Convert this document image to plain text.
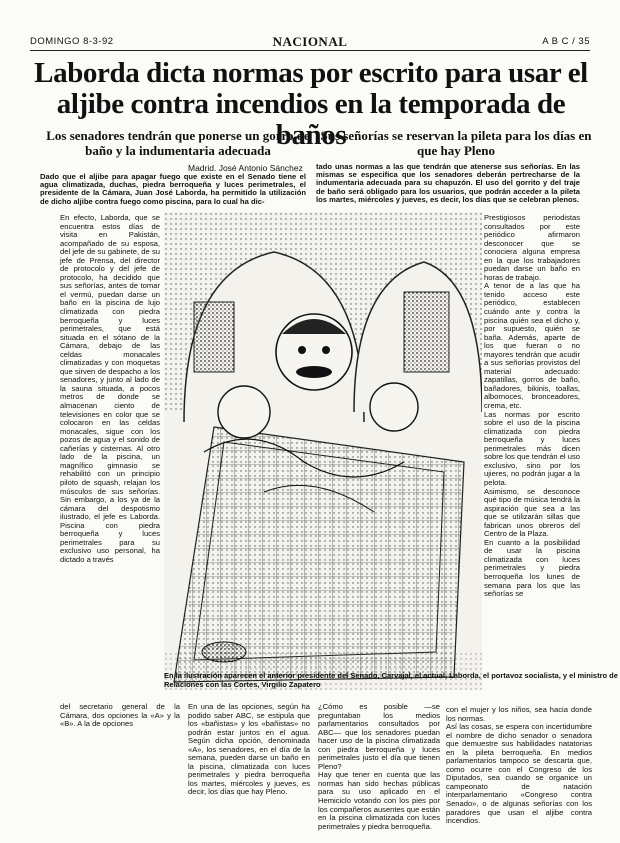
DOMINGO 8-3-92	NACIONAL	A B C / 35
Laborda dicta normas por escrito para usar el
aljibe contra incendios en la temporada de baños
Los senadores tendrán que ponerse un gorro de baño y la indumentaria adecuada
Sus señorías se reservan la pileta para los días en que hay Pleno
Madrid. José Antonio Sánchez

Dado que el aljibe para apagar fuego que existe en el Senado tiene el agua climatizada, duchas, piedra berroqueña y luces perimetrales, el presidente de la Cámara, Juan José Laborda, ha permitido la utilización de dicho aljibe contra fuego como piscina, para lo cual ha dic-

tado unas normas a las que tendrán que atenerse sus señorías. En las mismas se especifica que los senadores deberán pertrecharse de la indumentaria adecuada para su chapuzón. El uso del gorrito y del traje de baño será obligado para los usuarios, que podrán acceder a la pileta los martes, miércoles y jueves, es decir, los días que se celebran plenos.

En efecto, Laborda, que se encuentra estos días de visita en Pakistán, acompañado de su esposa, del jefe de su gabinete, de su jefe de Prensa, del director de protocolo y del jefe de protocolo, ha decidido que sus señorías, antes de tomar el vermú, puedan darse un baño en la piscina de lujo climatizada con piedra berroqueña y luces perimetrales, que está situada en el sótano de la Cámara, debajo de las celdas monacales climatizadas y con moquetas que sirven de despacho a los senadores, y junto al lado de la sauna situada, a pocos metros de donde se almacenan ciento de televisiones en color que se colocaron en las celdas monacales, sigue con los pozos de agua y el sonido de cañerías y cisternas. Al otro lado de la piscina, un magnífico gimnasio se rehabilitó con un principio piloto de squash, relajan los músculos de sus señorías. Sin embargo, a los ya de la cámara del despotismo ilustrado, el jefe es Laborda. Piscina con piedra berroqueña y luces perimetrales para su exclusivo uso personal, ha dictado a través

En la ilustración aparecen el anterior presidente del Senado, Carvajal, el actual, Laborda, el portavoz socialista, y el ministro de Relaciones con las Cortes, Virgilio Zapatero

Prestigiosos periodistas consultados por este periódico afirmaron desconocer que se conociera alguna empresa en la que los trabajadores puedan darse un baño en horas de trabajo.
A tenor de a las que ha tenido acceso este periódico, establecen cuándo ante y contra la piscina quién sea el dicho y, por supuesto, quién se baña. Además, aparte de los que fueran o no mayores tendrán que acudir a sus señorías provistos del material adecuado: zapatillas, gorros de baño, bañadores, bikinis, toallas, albornoces, bronceadores, crema, etc.
Las normas por escrito sobre el uso de la piscina climatizada con piedra berroqueña y luces perimetrales más dicen sobre los que tendrán el uso exclusivo, sino por los ujieres, no podrán jugar a la pelota.
Asimismo, se desconoce qué tipo de música tendrá la aspiración que sea a las que se utilizarán sillas que fabrican unos obreros del Centro de la Plaza.
En cuanto a la posibilidad de usar la piscina climatizada con luces perimetrales y piedra berroqueña los lunes de semana para los que las señorías se

del secretario general de la Cámara, dos opciones la «A» y la «B». A la de opciones

En una de las opciones, según ha podido saber ABC, se estipula que los «bañistas» y los «bañistas» no podrán estar juntos en el agua. Según dicha opción, denominada «A», los senadores, en el día de la semana, pueden darse un baño en la piscina, climatizada con luces perimetrales y piedra berroqueña los martes, miércoles y jueves, es decir, los días que hay Pleno.

¿Cómo es posible —se preguntaban los medios parlamentarios consultados por ABC— que los senadores puedan hacer uso de la piscina climatizada con piedra berroqueña y luces perimetrales justo el día que tienen Pleno?
Hay que tener en cuenta que las normas han sido hechas públicas para su uso aplicado en el Hemiciclo votando con los pies por los compañeros ausentes que están en la piscina climatizada con luces perimetrales y piedra berroqueña.

con el mujer y los niños, sea hacia donde los normas.
Así las cosas, se espera con incertidumbre el nombre de dicho senador o senadora que demuestre sus habilidades natatorias en la pileta berroqueña. En medios parlamentarios tampoco se descarta que, como ocurre con el Congreso de los Diputados, sea cuando se organice un campeonato de natación interparlamentario «Congreso contra Senado», o de algunas señorías con los paradores que usan el aljibe contra incendios.
